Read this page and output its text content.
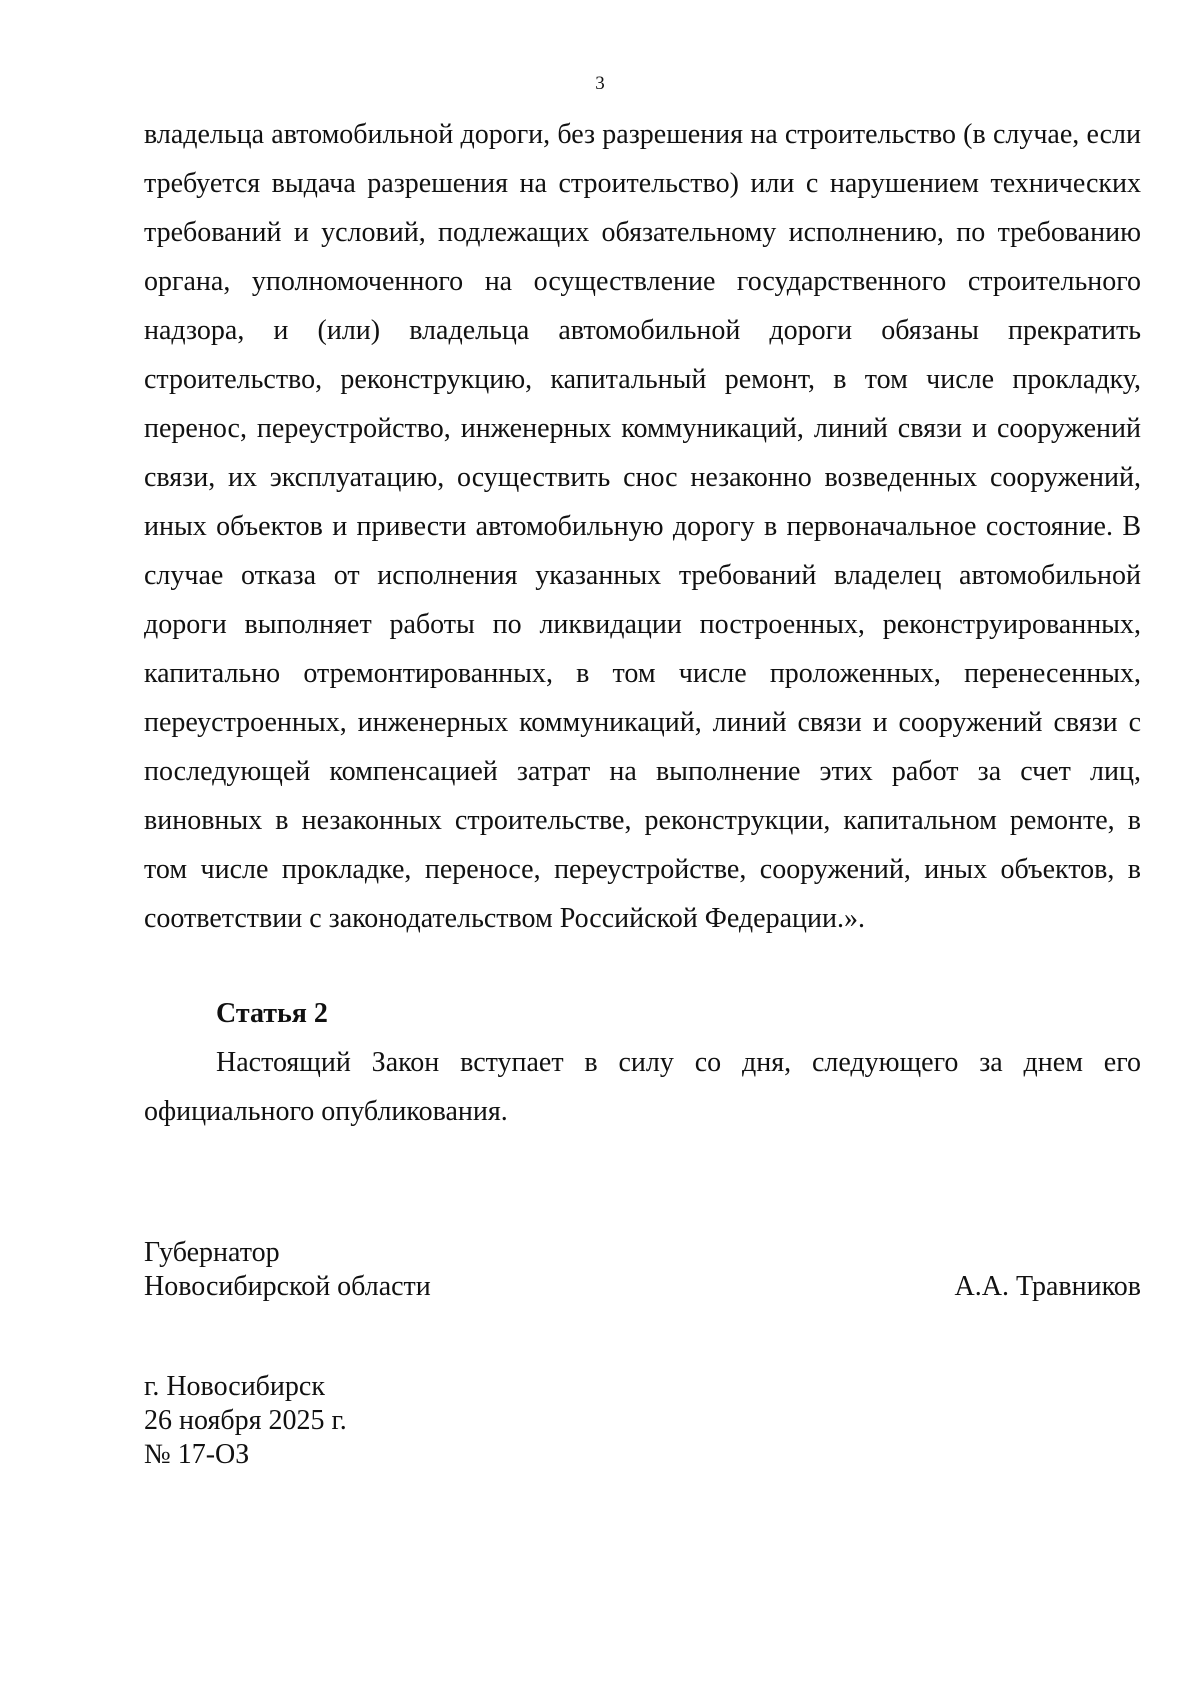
3

владельца автомобильной дороги, без разрешения на строительство (в случае, если требуется выдача разрешения на строительство) или с нарушением технических требований и условий, подлежащих обязательному исполнению, по требованию органа, уполномоченного на осуществление государственного строительного надзора, и (или) владельца автомобильной дороги обязаны прекратить строительство, реконструкцию, капитальный ремонт, в том числе прокладку, перенос, переустройство, инженерных коммуникаций, линий связи и сооружений связи, их эксплуатацию, осуществить снос незаконно возведенных сооружений, иных объектов и привести автомобильную дорогу в первоначальное состояние. В случае отказа от исполнения указанных требований владелец автомобильной дороги выполняет работы по ликвидации построенных, реконструированных, капитально отремонтированных, в том числе проложенных, перенесенных, переустроенных, инженерных коммуникаций, линий связи и сооружений связи с последующей компенсацией затрат на выполнение этих работ за счет лиц, виновных в незаконных строительстве, реконструкции, капитальном ремонте, в том числе прокладке, переносе, переустройстве, сооружений, иных объектов, в соответствии с законодательством Российской Федерации.».

Статья 2

Настоящий Закон вступает в силу со дня, следующего за днем его официального опубликования.

Губернатор
Новосибирской области	А.А. Травников
г. Новосибирск
26 ноября 2025 г.
№ 17-ОЗ
